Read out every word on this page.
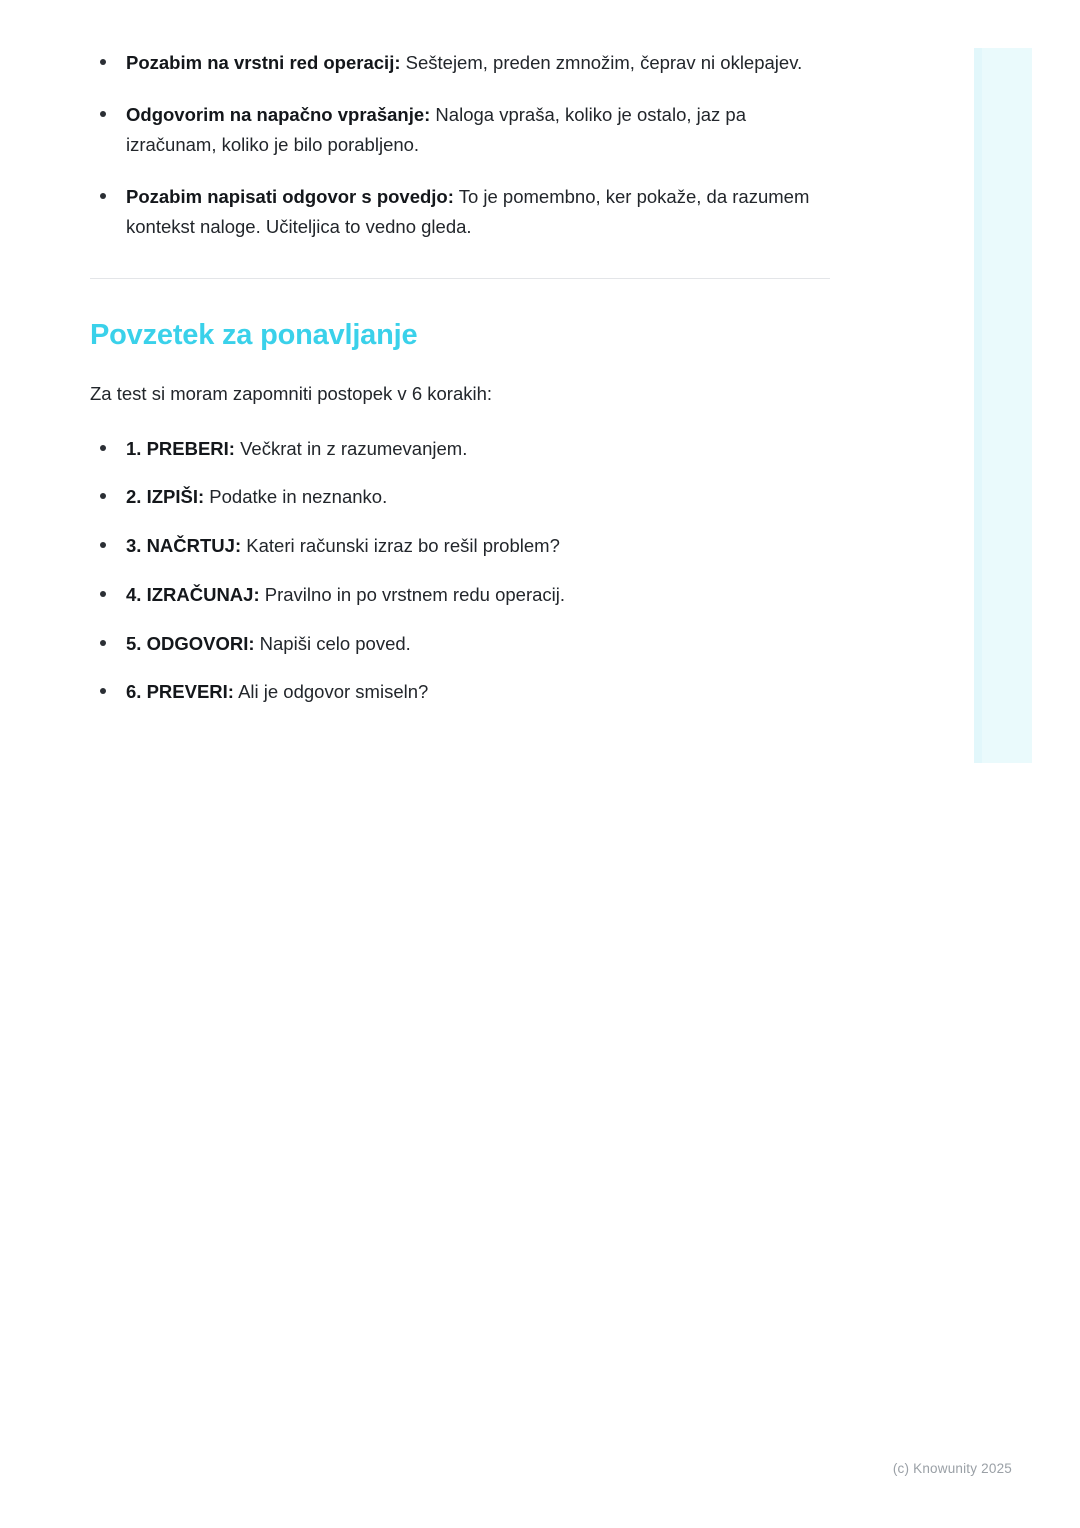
Pozabim na vrstni red operacij: Seštejem, preden zmnožim, čeprav ni oklepajev.
Odgovorim na napačno vprašanje: Naloga vpraša, koliko je ostalo, jaz pa izračunam, koliko je bilo porabljeno.
Pozabim napisati odgovor s povedjo: To je pomembno, ker pokaže, da razumem kontekst naloge. Učiteljica to vedno gleda.
Povzetek za ponavljanje

Za test si moram zapomniti postopek v 6 korakih:

1. PREBERI: Večkrat in z razumevanjem.
2. IZPIŠI: Podatke in neznanko.
3. NAČRTUJ: Kateri računski izraz bo rešil problem?
4. IZRAČUNAJ: Pravilno in po vrstnem redu operacij.
5. ODGOVORI: Napiši celo poved.
6. PREVERI: Ali je odgovor smiseln?
(c) Knowunity 2025
